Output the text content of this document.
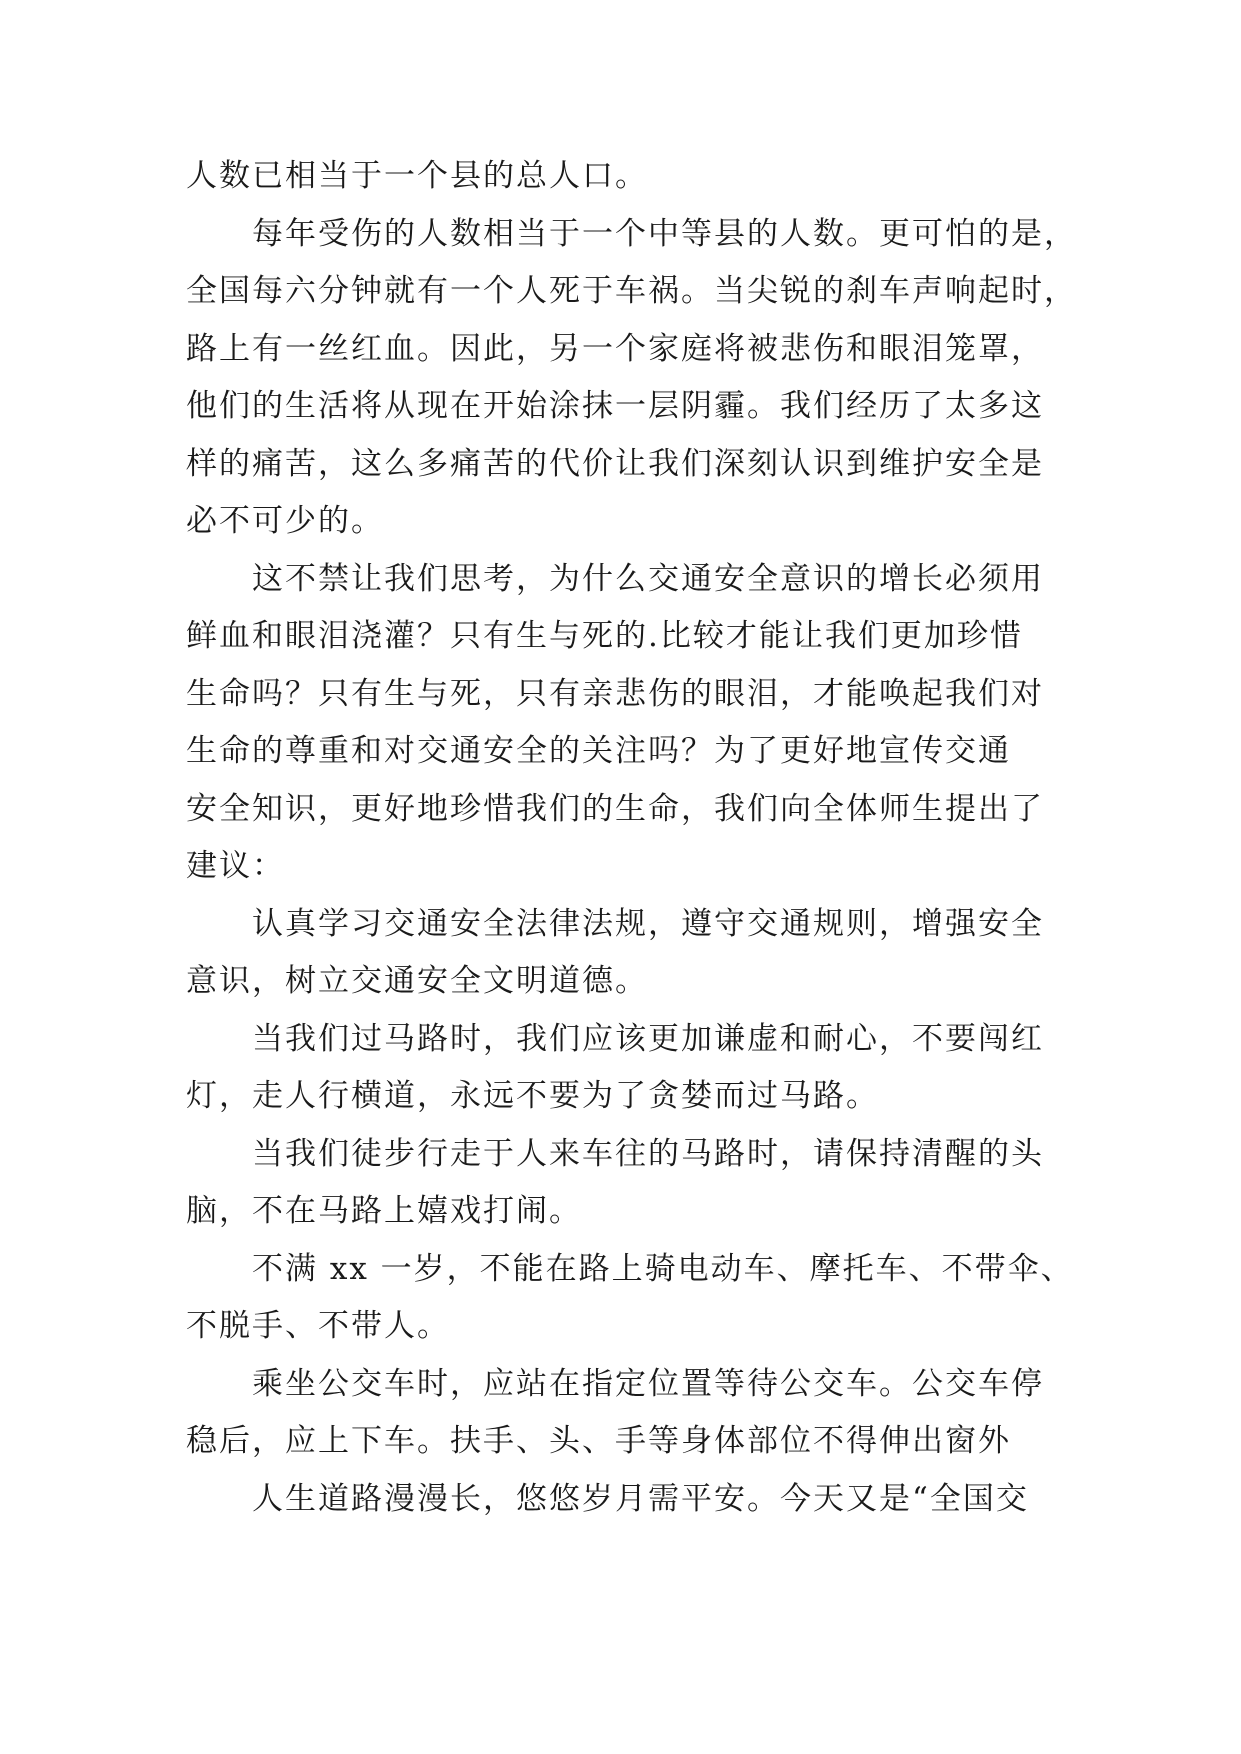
人数已相当于一个县的总人口。
每年受伤的人数相当于一个中等县的人数。更可怕的是，
全国每六分钟就有一个人死于车祸。当尖锐的刹车声响起时，
路上有一丝红血。因此，另一个家庭将被悲伤和眼泪笼罩，
他们的生活将从现在开始涂抹一层阴霾。我们经历了太多这
样的痛苦，这么多痛苦的代价让我们深刻认识到维护安全是
必不可少的。
这不禁让我们思考，为什么交通安全意识的增长必须用
鲜血和眼泪浇灌？只有生与死的.比较才能让我们更加珍惜
生命吗？只有生与死，只有亲悲伤的眼泪，才能唤起我们对
生命的尊重和对交通安全的关注吗？为了更好地宣传交通
安全知识，更好地珍惜我们的生命，我们向全体师生提出了
建议：
认真学习交通安全法律法规，遵守交通规则，增强安全
意识，树立交通安全文明道德。
当我们过马路时，我们应该更加谦虚和耐心，不要闯红
灯，走人行横道，永远不要为了贪婪而过马路。
当我们徒步行走于人来车往的马路时，请保持清醒的头
脑，不在马路上嬉戏打闹。
不满 xx 一岁，不能在路上骑电动车、摩托车、不带伞、
不脱手、不带人。
乘坐公交车时，应站在指定位置等待公交车。公交车停
稳后，应上下车。扶手、头、手等身体部位不得伸出窗外
人生道路漫漫长，悠悠岁月需平安。今天又是“全国交
